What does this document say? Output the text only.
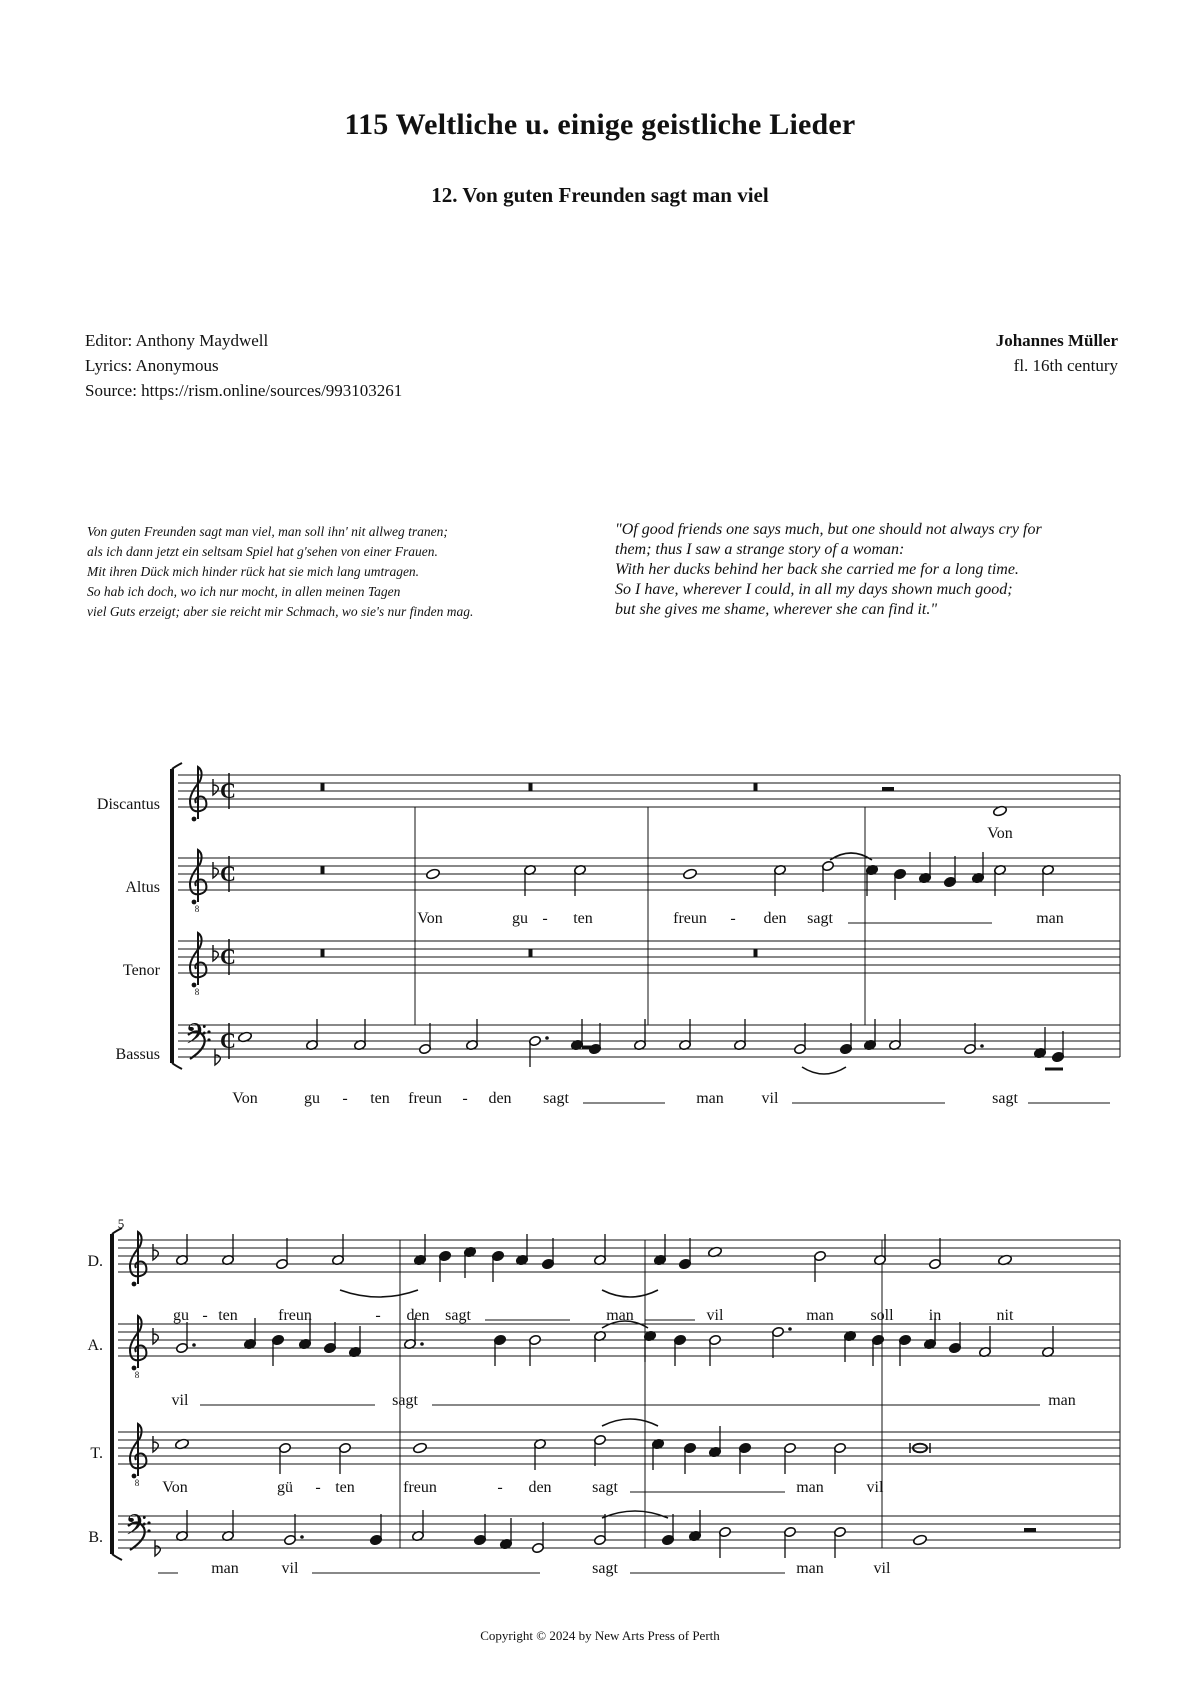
115 Weltliche u. einige geistliche Lieder
12. Von guten Freunden sagt man viel
Editor: Anthony Maydwell
Lyrics: Anonymous
Source: https://rism.online/sources/993103261
Johannes Müller
fl. 16th century
Von guten Freunden sagt man viel, man soll ihn' nit allweg tranen;
als ich dann jetzt ein seltsam Spiel hat g'sehen von einer Frauen.
Mit ihren Dück mich hinder rück hat sie mich lang umtragen.
So hab ich doch, wo ich nur mocht, in allen meinen Tagen
viel Guts erzeigt; aber sie reicht mir Schmach, wo sie's nur finden mag.
"Of good friends one says much, but one should not always cry for
them; thus I saw a strange story of a woman:
With her ducks behind her back she carried me for a long time.
So I have, wherever I could, in all my days shown much good;
but she gives me shame, wherever she can find it."
Discantus
C
Altus
8
C
Tenor
8
C
Bassus 𝄢 C
Von
Von	gu - ten	freun - den sagt	man
Von	gu - ten freun - den sagt	man vil	sagt
5
D.
A.
8
T.
8
B. 𝄢
gu - ten	freun	- den sagt	man	vil	man soll in	nit
vil	sagt	man
Von	gü - ten	freun	- den	sagt	man	vil
man	vil	sagt	man	vil
Copyright © 2024 by New Arts Press of Perth
